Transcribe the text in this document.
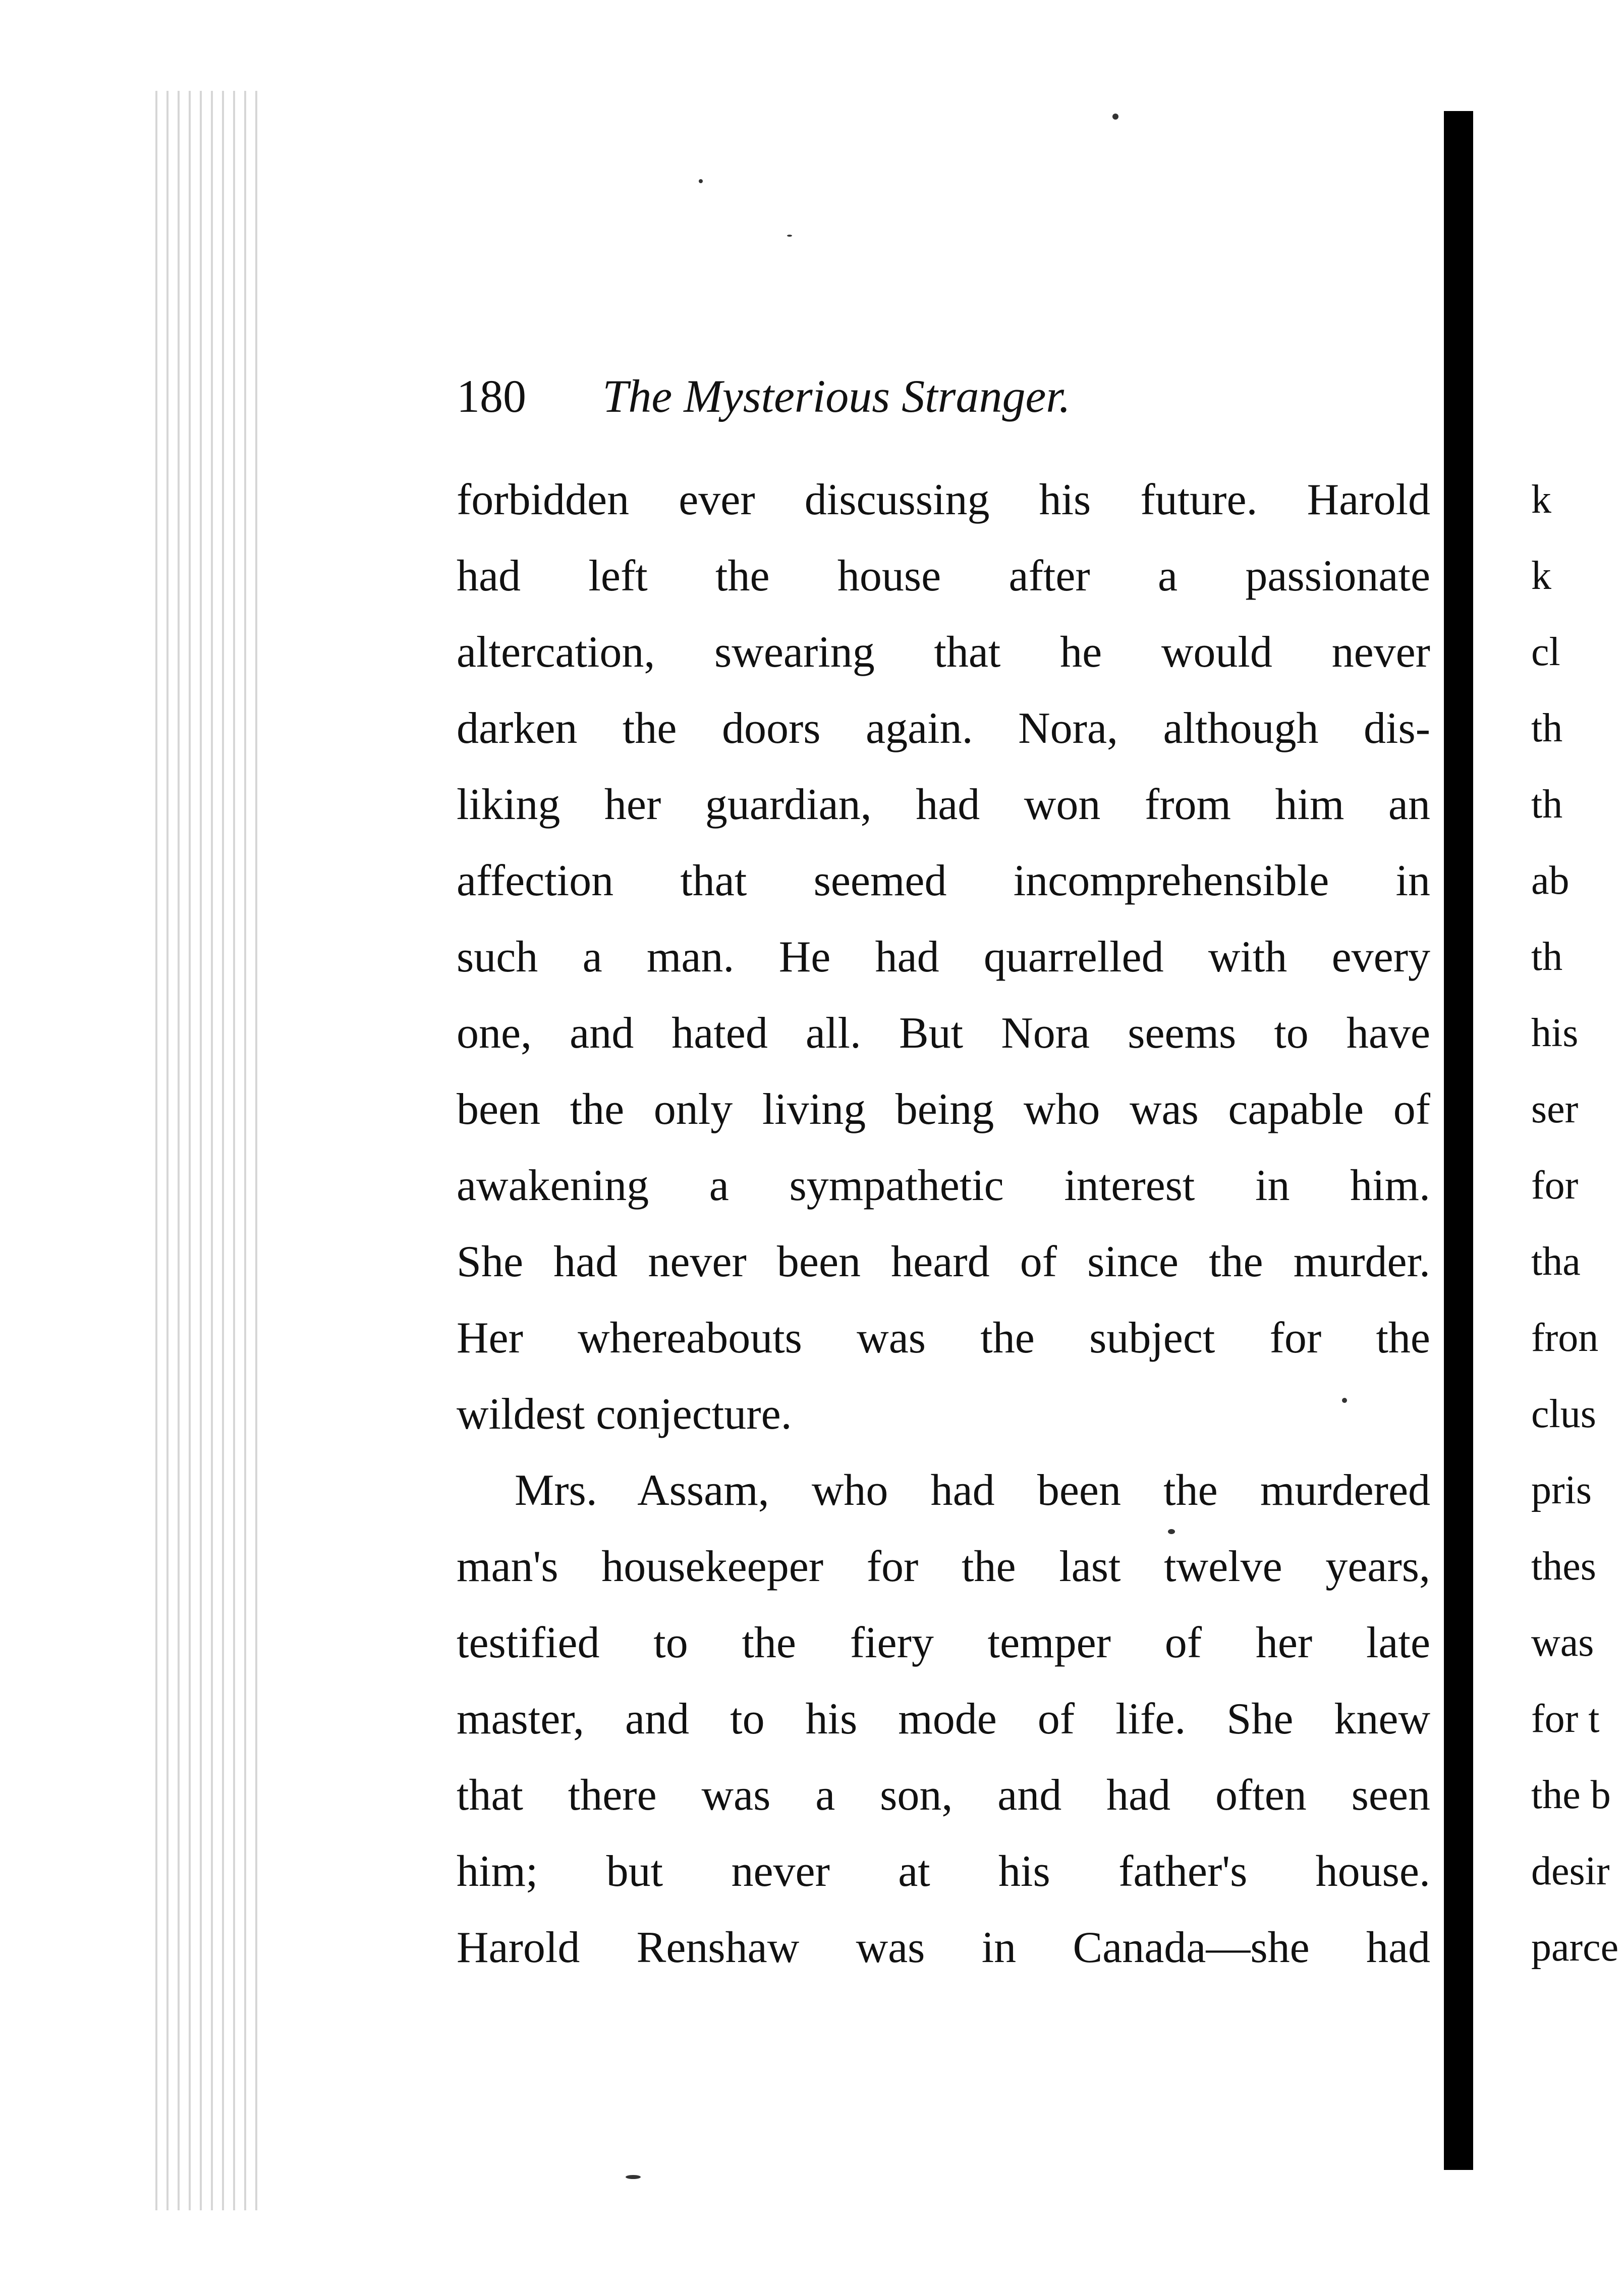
180 The Mysterious Stranger.
forbidden ever discussing his future. Harold
had left the house after a passionate
altercation, swearing that he would never
darken the doors again. Nora, although dis-
liking her guardian, had won from him an
affection that seemed incomprehensible in
such a man. He had quarrelled with every
one, and hated all. But Nora seems to have
been the only living being who was capable of
awakening a sympathetic interest in him.
She had never been heard of since the murder.
Her whereabouts was the subject for the
wildest conjecture.
Mrs. Assam, who had been the murdered
man's housekeeper for the last twelve years,
testified to the fiery temper of her late
master, and to his mode of life. She knew
that there was a son, and had often seen
him; but never at his father's house.
Harold Renshaw was in Canada—she had
k
k
cl
th
th
ab
th
his
ser
for
tha
fron
clus
pris
thes
was
for t
the b
desir
parce
